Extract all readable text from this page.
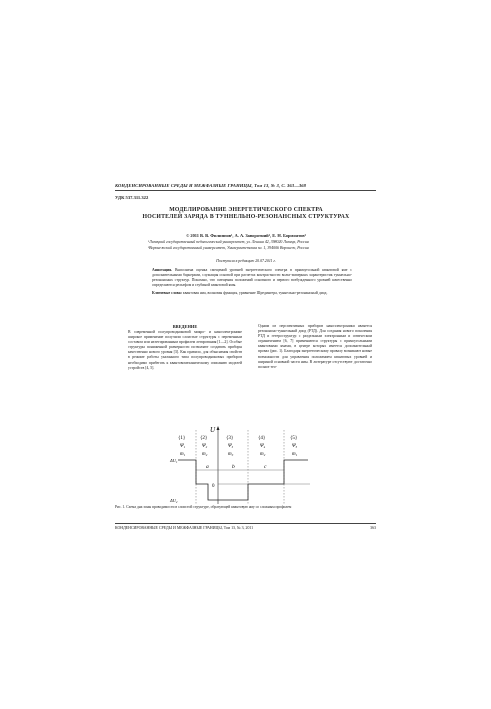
КОНДЕНСИРОВАННЫЕ СРЕДЫ И МЕЖФАЗНЫЕ ГРАНИЦЫ, Том 13, № 3, С. 363—368
УДК 537.311.322
МОДЕЛИРОВАНИЕ ЭНЕРГЕТИЧЕСКОГО СПЕКТРА
НОСИТЕЛЕЙ ЗАРЯДА В ТУННЕЛЬНО-РЕЗОНАНСНЫХ СТРУКТУРАХ
© 2011 В. В. Филиппов¹, А. А. Заворотний¹, Е. Н. Бормонтов²
¹Липецкий государственный педагогический университет, ул. Ленина 42, 398020 Липецк, Россия
²Воронежский государственный университет, Университетская пл. 1, 394006 Воронеж, Россия
Поступила в редакцию 20.07.2011 г.
Аннотация. Выполнена оценка смещений уровней энергетического спектра в прямоугольной квантовой яме с дополнительными барьерами, служащая основой при расчетах контрастности вольт-амперных характеристик туннельно-резонансных структур. Показано, что смещения положений основного и первого возбужденного уровней качественно определяются рельефом и глубиной квантовой ямы.
Ключевые слова: квантовая яма, волновая функция, уравнение Шредингера, туннельно-резонансный диод.
ВВЕДЕНИЕ
В современной полупроводниковой микро- и наноэлектронике широкое применение получили слоистые структуры с переменным составом или нелегированным профилем легирования [1—2]. Особые структуры пониженной размерности позволяют создавать приборы качественно нового уровня [3]. Как правило, для объяснения свойств в режиме работы указанного типа полупроводниковых приборов необходимо прибегать к квантовомеханическому описанию моделей устройств [4, 5].
Одним из перспективных приборов наноэлектроники является резонансно-туннельный диод (РТД). Для создания нового поколения РТД и гетероструктур с раздельным электронным и оптическим ограничением [6, 7] применяются структуры с прямоугольными квантовыми ямами, в центре которых имеется дополнительный провал (рис. 1). Благодаря энергетическому провалу возникают новые возможности для управления положением квантовых уровней и шириной основной части ямы. В литературе отсутствуют достаточно полное тео-
U
{1}	{2}	{3}	{4}	{5}
Ψ₁	Ψ₂	Ψ₃	Ψ₄	Ψ₅
m₁	m₂	m₃	m₂	m₁
ΔU₁
ΔU₂
0
a	b	c
Рис. 1. Схема дна зоны проводимости в слоистой структуре, образующей квантовую яму со сложным профилем
КОНДЕНСИРОВАННЫЕ СРЕДЫ И МЕЖФАЗНЫЕ ГРАНИЦЫ, Том 13, № 3, 2011	363
